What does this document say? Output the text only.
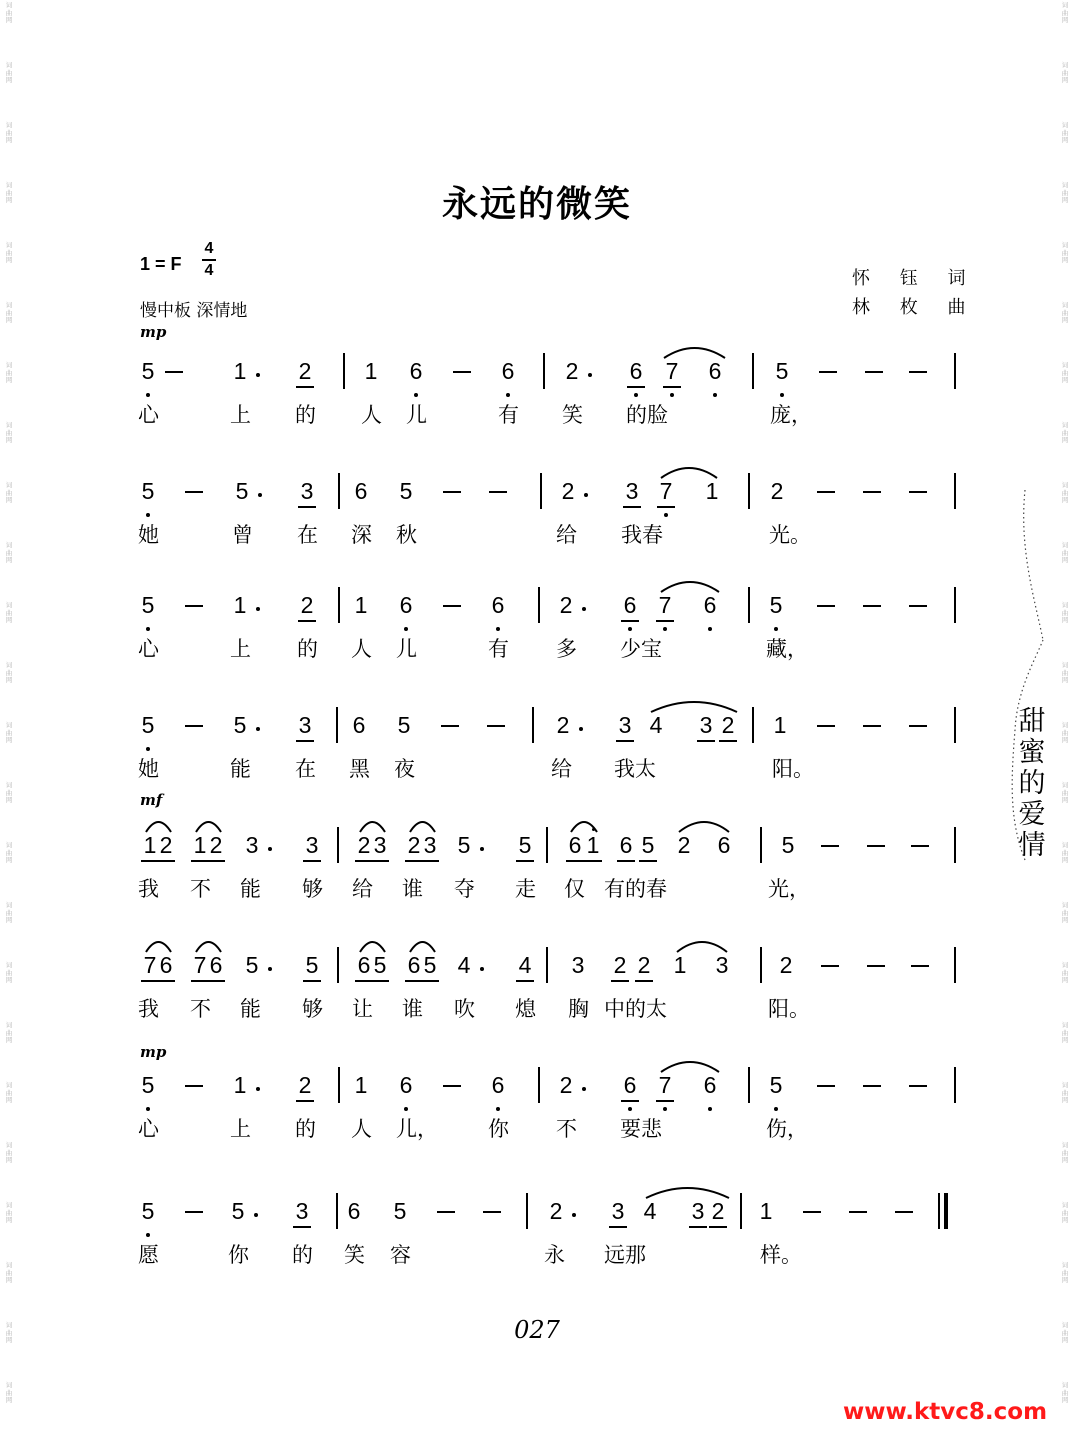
词
曲
网
词
曲
网
词
曲
网
词
曲
网
词
曲
网
词
曲
网
词
曲
网
词
曲
网
词
曲
网
词
曲
网
词
曲
网
词
曲
网
词
曲
网
词
曲
网
词
曲
网
词
曲
网
词
曲
网
词
曲
网
词
曲
网
词
曲
网
词
曲
网
词
曲
网
词
曲
网
词
曲
网
词
曲
网
词
曲
网
词
曲
网
词
曲
网
词
曲
网
词
曲
网
词
曲
网
词
曲
网
词
曲
网
词
曲
网
词
曲
网
词
曲
网
词
曲
网
词
曲
网
词
曲
网
词
曲
网
词
曲
网
词
曲
网
词
曲
网
词
曲
网
词
曲
网
词
曲
网
词
曲
网
词
曲
网
永远的微笑
1 = F
4
4
慢中板 深情地
怀 钰 词
林 枚 曲
mp
mf
mp
5	1 2 1 6	6 2 6 7 6 5
心	上 的 人 儿	有 笑 的脸	庞，
5	5 3 6 5	2 3 7 1 2
她	曾 在 深 秋	给 我春	光。
5	1 2 1 6	6 2 6 7 6 5
心	上 的 人 儿	有 多 少宝	藏，
5	5 3 6 5	2 3 4 3 2 1
她	能 在 黑 夜	给 我太	阳。
1 2 1 2 3 3 2 3 2 3 5 5 6 1 6 5 2 6 5
我 不 能 够 给 谁 夺 走 仅 有的春	光，
7 6 7 6 5 5 6 5 6 5 4 4 3 2 2 1 3 2
我 不 能 够 让 谁 吹 熄 胸 中的太	阳。
5	1 2 1 6	6 2 6 7 6 5
心	上 的 人 儿， 你 不 要悲	伤，
5	5 3 6 5	2 3 4 3 2 1
愿	你 的 笑 容	永 远那	样。
甜蜜的爱情
027
www.ktvc8.com
